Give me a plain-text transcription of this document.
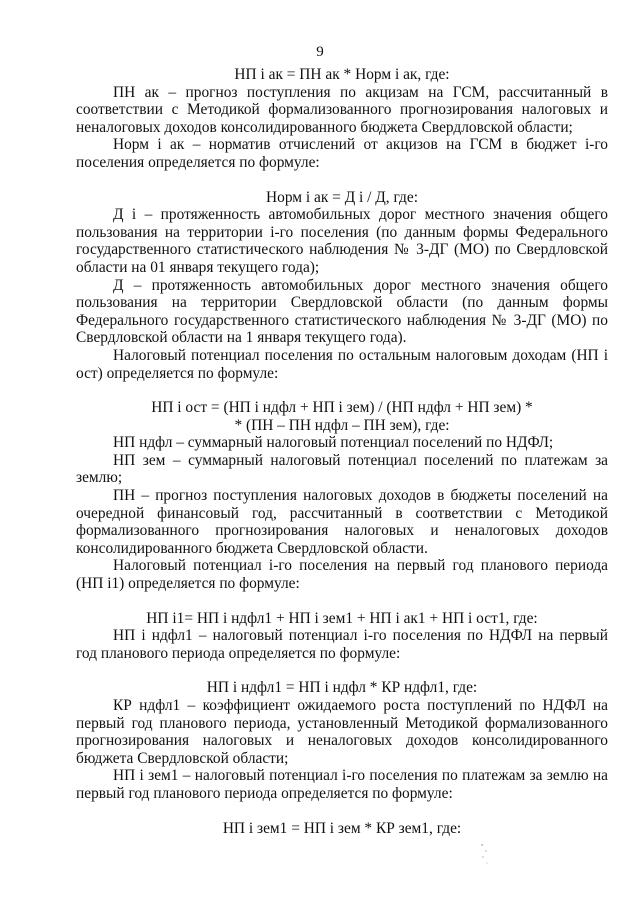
9

НП i ак = ПН ак * Норм i ак, где:

ПН ак – прогноз поступления по акцизам на ГСМ, рассчитанный в соответствии с Методикой формализованного прогнозирования налоговых и неналоговых доходов консолидированного бюджета Свердловской области;

Норм i ак – норматив отчислений от акцизов на ГСМ в бюджет i-го поселения определяется по формуле:

Норм i ак = Д i / Д, где:

Д i – протяженность автомобильных дорог местного значения общего пользования на территории i-го поселения (по данным формы Федерального государственного статистического наблюдения № 3-ДГ (МО) по Свердловской области на 01 января текущего года);

Д – протяженность автомобильных дорог местного значения общего пользования на территории Свердловской области (по данным формы Федерального государственного статистического наблюдения № 3-ДГ (МО) по Свердловской области на 1 января текущего года).

Налоговый потенциал поселения по остальным налоговым доходам (НП i ост) определяется по формуле:

НП i ост = (НП i ндфл + НП i зем) / (НП ндфл + НП зем) *

* (ПН – ПН ндфл – ПН зем), где:

НП ндфл – суммарный налоговый потенциал поселений по НДФЛ;

НП зем – суммарный налоговый потенциал поселений по платежам за землю;

ПН – прогноз поступления налоговых доходов в бюджеты поселений на очередной финансовый год, рассчитанный в соответствии с Методикой формализованного прогнозирования налоговых и неналоговых доходов консолидированного бюджета Свердловской области.

Налоговый потенциал i-го поселения на первый год планового периода (НП i1) определяется по формуле:

НП i1= НП i ндфл1 + НП i зем1 + НП i ак1 + НП i ост1, где:

НП i ндфл1 – налоговый потенциал i-го поселения по НДФЛ на первый год планового периода определяется по формуле:

НП i ндфл1 = НП i ндфл * КР ндфл1, где:

КР ндфл1 – коэффициент ожидаемого роста поступлений по НДФЛ на первый год планового периода, установленный Методикой формализованного прогнозирования налоговых и неналоговых доходов консолидированного бюджета Свердловской области;

НП i зем1 – налоговый потенциал i-го поселения по платежам за землю на первый год планового периода определяется по формуле:

НП i зем1 = НП i зем * КР зем1, где:
